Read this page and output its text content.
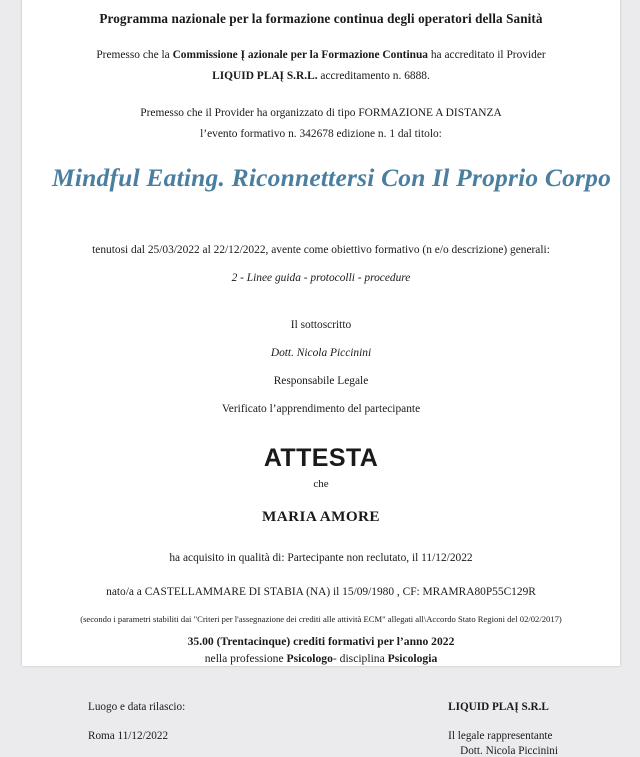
Programma nazionale per la formazione continua degli operatori della Sanità
Premesso che la Commissione Į azionale per la Formazione Continua ha accreditato il Provider
LIQUID PLAĮ S.R.L. accreditamento n. 6888.
Premesso che il Provider ha organizzato di tipo FORMAZIONE A DISTANZA
l’evento formativo n. 342678 edizione n. 1 dal titolo:
Mindful Eating. Riconnettersi Con Il Proprio Corpo
tenutosi dal 25/03/2022 al 22/12/2022, avente come obiettivo formativo (n e/o descrizione) generali:
2 - Linee guida - protocolli - procedure
Il sottoscritto
Dott. Nicola Piccinini
Responsabile Legale
Verificato l’apprendimento del partecipante
ATTESTA
che
MARIA AMORE
ha acquisito in qualità di: Partecipante non reclutato, il 11/12/2022
nato/a a CASTELLAMMARE DI STABIA (NA) il 15/09/1980 , CF: MRAMRA80P55C129R
(secondo i parametri stabiliti dai "Criteri per l'assegnazione dei crediti alle attività ECM" allegati all\Accordo Stato Regioni del 02/02/2017)
35.00 (Trentacinque) crediti formativi per l’anno 2022
nella professione Psicologo- disciplina Psicologia
Luogo e data rilascio:
Roma 11/12/2022
LIQUID PLAĮ S.R.L
Il legale rappresentante
Dott. Nicola Piccinini
